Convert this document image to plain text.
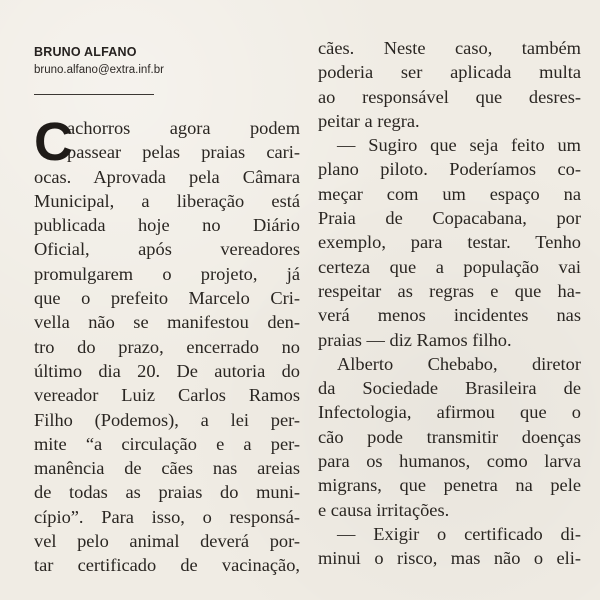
BRUNO ALFANO
bruno.alfano@extra.inf.br
C
achorros agora podem
passear pelas praias cari-
ocas. Aprovada pela Câmara
Municipal, a liberação está
publicada hoje no Diário
Oficial, após vereadores
promulgarem o projeto, já
que o prefeito Marcelo Cri-
vella não se manifestou den-
tro do prazo, encerrado no
último dia 20. De autoria do
vereador Luiz Carlos Ramos
Filho (Podemos), a lei per-
mite “a circulação e a per-
manência de cães nas areias
de todas as praias do muni-
cípio”. Para isso, o responsá-
vel pelo animal deverá por-
tar certificado de vacinação,
cães. Neste caso, também
poderia ser aplicada multa
ao responsável que desres-
peitar a regra.
— Sugiro que seja feito um
plano piloto. Poderíamos co-
meçar com um espaço na
Praia de Copacabana, por
exemplo, para testar. Tenho
certeza que a população vai
respeitar as regras e que ha-
verá menos incidentes nas
praias — diz Ramos filho.
Alberto Chebabo, diretor
da Sociedade Brasileira de
Infectologia, afirmou que o
cão pode transmitir doenças
para os humanos, como larva
migrans, que penetra na pele
e causa irritações.
— Exigir o certificado di-
minui o risco, mas não o eli-
